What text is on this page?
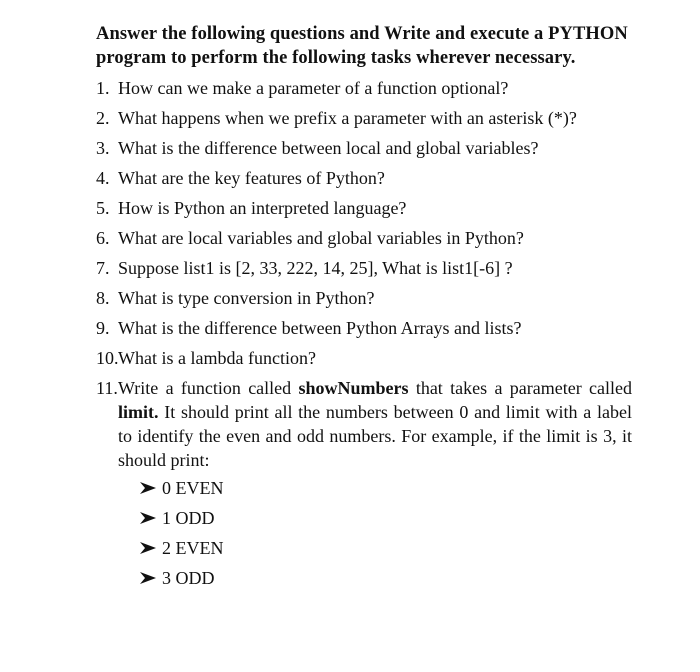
Answer the following questions and Write and execute a PYTHON program to perform the following tasks wherever necessary.

1. How can we make a parameter of a function optional?
2. What happens when we prefix a parameter with an asterisk (*)?
3. What is the difference between local and global variables?
4. What are the key features of Python?
5. How is Python an interpreted language?
6. What are local variables and global variables in Python?
7. Suppose list1 is [2, 33, 222, 14, 25], What is list1[-6] ?
8. What is type conversion in Python?
9. What is the difference between Python Arrays and lists?
10. What is a lambda function?
11. Write a function called showNumbers that takes a parameter called limit. It should print all the numbers between 0 and limit with a label to identify the even and odd numbers. For example, if the limit is 3, it should print:
0 EVEN
1 ODD
2 EVEN
3 ODD
